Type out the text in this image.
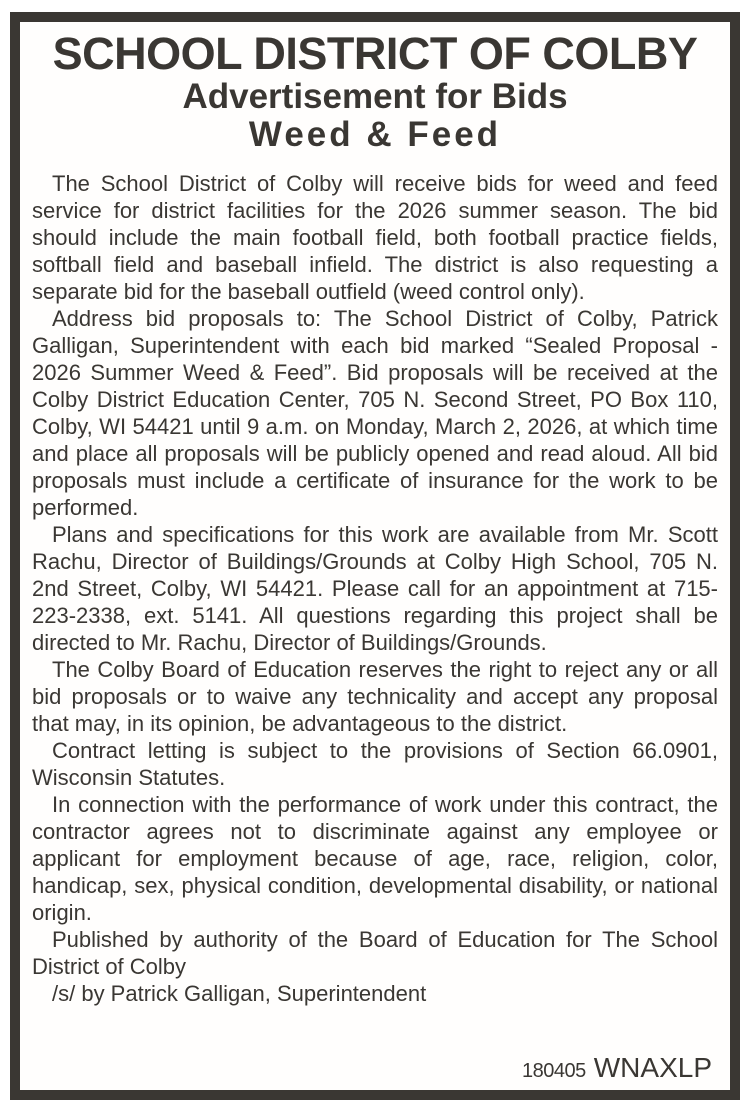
SCHOOL DISTRICT OF COLBY
Advertisement for Bids
Weed & Feed

The School District of Colby will receive bids for weed and feed service for district facilities for the 2026 summer season. The bid should include the main football field, both football practice fields, softball field and baseball infield. The district is also requesting a separate bid for the baseball outfield (weed control only).

Address bid proposals to: The School District of Colby, Patrick Galligan, Superintendent with each bid marked “Sealed Proposal - 2026 Summer Weed & Feed”. Bid proposals will be received at the Colby District Education Center, 705 N. Second Street, PO Box 110, Colby, WI 54421 until 9 a.m. on Monday, March 2, 2026, at which time and place all proposals will be publicly opened and read aloud. All bid proposals must include a certificate of insurance for the work to be performed.

Plans and specifications for this work are available from Mr. Scott Rachu, Director of Buildings/Grounds at Colby High School, 705 N. 2nd Street, Colby, WI 54421. Please call for an appointment at 715-223-2338, ext. 5141. All questions regarding this project shall be directed to Mr. Rachu, Director of Buildings/Grounds.

The Colby Board of Education reserves the right to reject any or all bid proposals or to waive any technicality and accept any proposal that may, in its opinion, be advantageous to the district.

Contract letting is subject to the provisions of Section 66.0901, Wisconsin Statutes.

In connection with the performance of work under this contract, the contractor agrees not to discriminate against any employee or applicant for employment because of age, race, religion, color, handicap, sex, physical condition, developmental disability, or national origin.

Published by authority of the Board of Education for The School District of Colby

/s/ by Patrick Galligan, Superintendent

180405 WNAXLP
